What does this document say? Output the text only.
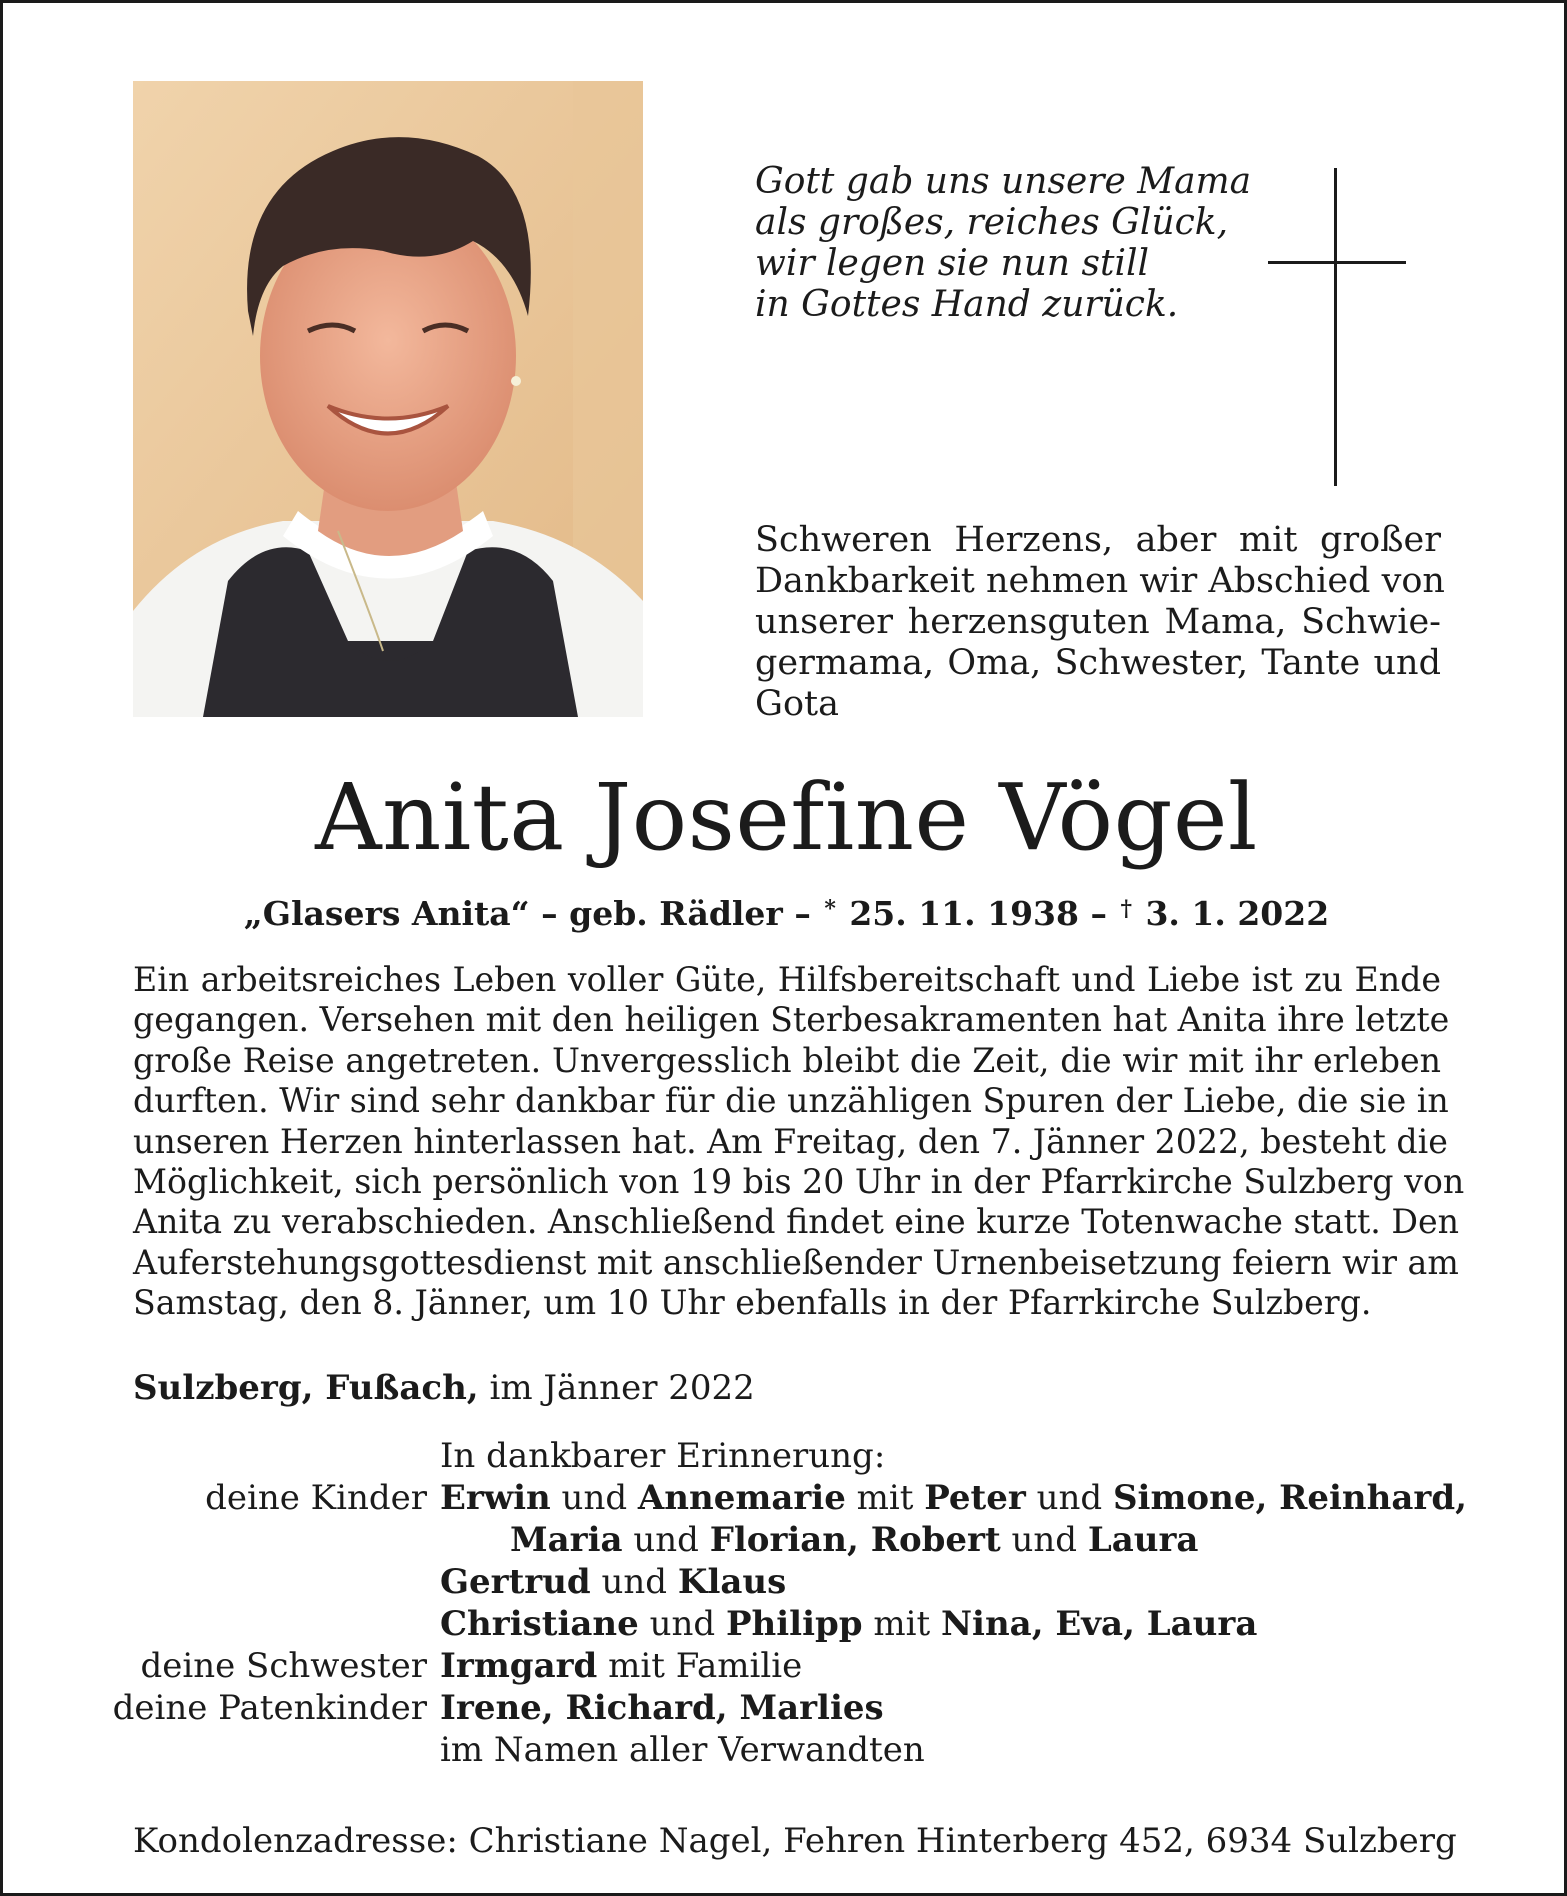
Gott gab uns unsere Mama
als großes, reiches Glück,
wir legen sie nun still
in Gottes Hand zurück.
Schweren Herzens, aber mit großer
Dankbarkeit nehmen wir Abschied von
unserer herzensguten Mama, Schwie-
germama, Oma, Schwester, Tante und
Gota
Anita Josefine Vögel
„Glasers Anita“ – geb. Rädler – * 25. 11. 1938 – † 3. 1. 2022
Ein arbeitsreiches Leben voller Güte, Hilfsbereitschaft und Liebe ist zu Ende
gegangen. Versehen mit den heiligen Sterbesakramenten hat Anita ihre letzte
große Reise angetreten. Unvergesslich bleibt die Zeit, die wir mit ihr erleben
durften. Wir sind sehr dankbar für die unzähligen Spuren der Liebe, die sie in
unseren Herzen hinterlassen hat. Am Freitag, den 7. Jänner 2022, besteht die
Möglichkeit, sich persönlich von 19 bis 20 Uhr in der Pfarrkirche Sulzberg von
Anita zu verabschieden. Anschließend findet eine kurze Totenwache statt. Den
Auferstehungsgottesdienst mit anschließender Urnenbeisetzung feiern wir am
Samstag, den 8. Jänner, um 10 Uhr ebenfalls in der Pfarrkirche Sulzberg.
Sulzberg, Fußach, im Jänner 2022
In dankbarer Erinnerung:
deine Kinder Erwin und Annemarie mit Peter und Simone, Reinhard,
Maria und Florian, Robert und Laura
Gertrud und Klaus
Christiane und Philipp mit Nina, Eva, Laura
deine Schwester Irmgard mit Familie
deine Patenkinder Irene, Richard, Marlies
im Namen aller Verwandten
Kondolenzadresse: Christiane Nagel, Fehren Hinterberg 452, 6934 Sulzberg
